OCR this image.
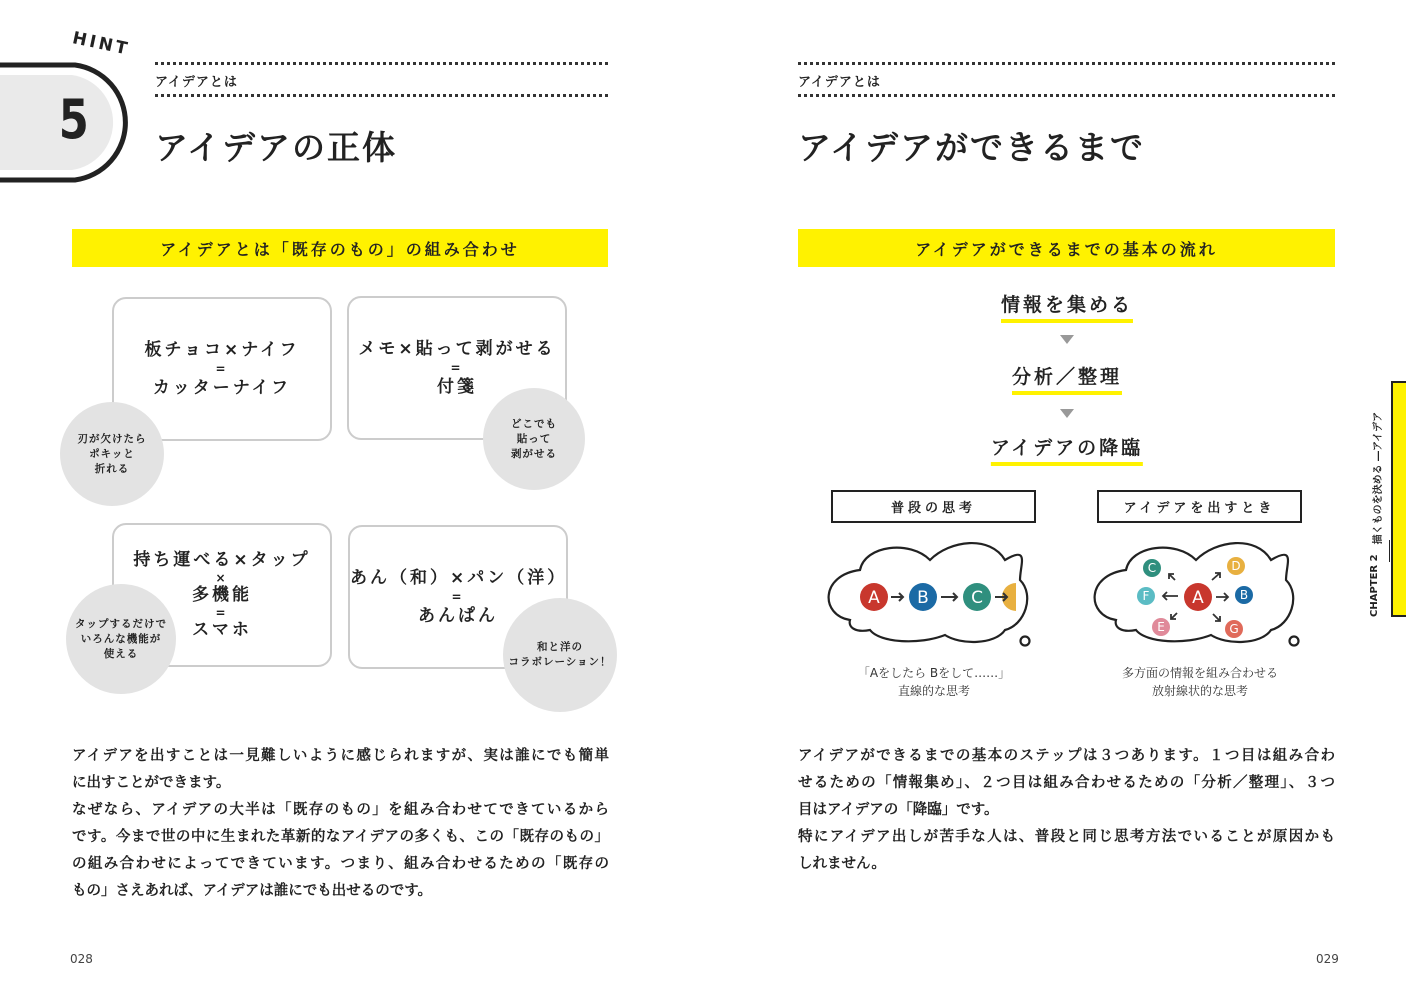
HINT
5
アイデアとは
アイデアの正体
アイデアとは「既存のもの」の組み合わせ
板チョコ×ナイフ
=
カッターナイフ
刃が欠けたら
ポキッと
折れる
メモ×貼って剥がせる
=
付箋
どこでも
貼って
剥がせる
持ち運べる×タップ
×
多機能
=
スマホ
タップするだけで
いろんな機能が
使える
あん（和）×パン（洋）
=
あんぱん
和と洋の
コラボレーション！
アイデアを出すことは一見難しいように感じられますが、実は誰にでも簡単
に出すことができます。
なぜなら、アイデアの大半は「既存のもの」を組み合わせてできているから
です。今まで世の中に生まれた革新的なアイデアの多くも、この「既存のもの」
の組み合わせによってできています。つまり、組み合わせるための「既存の
もの」さえあれば、アイデアは誰にでも出せるのです。
028
アイデアとは
アイデアができるまで
アイデアができるまでの基本の流れ
情報を集める
分析／整理
アイデアの降臨
普段の思考	アイデアを出すとき
A B C	A
C	D
F	B
E	G
「Aをしたら Bをして……」
直線的な思考
多方面の情報を組み合わせる
放射線状的な思考
アイデアができるまでの基本のステップは３つあります。１つ目は組み合わ
せるための「情報集め」、２つ目は組み合わせるための「分析／整理」、３つ
目はアイデアの「降臨」です。
特にアイデア出しが苦手な人は、普段と同じ思考方法でいることが原因かも
しれません。
029
CHAPTER 2
描くものを決める ―アイデア
